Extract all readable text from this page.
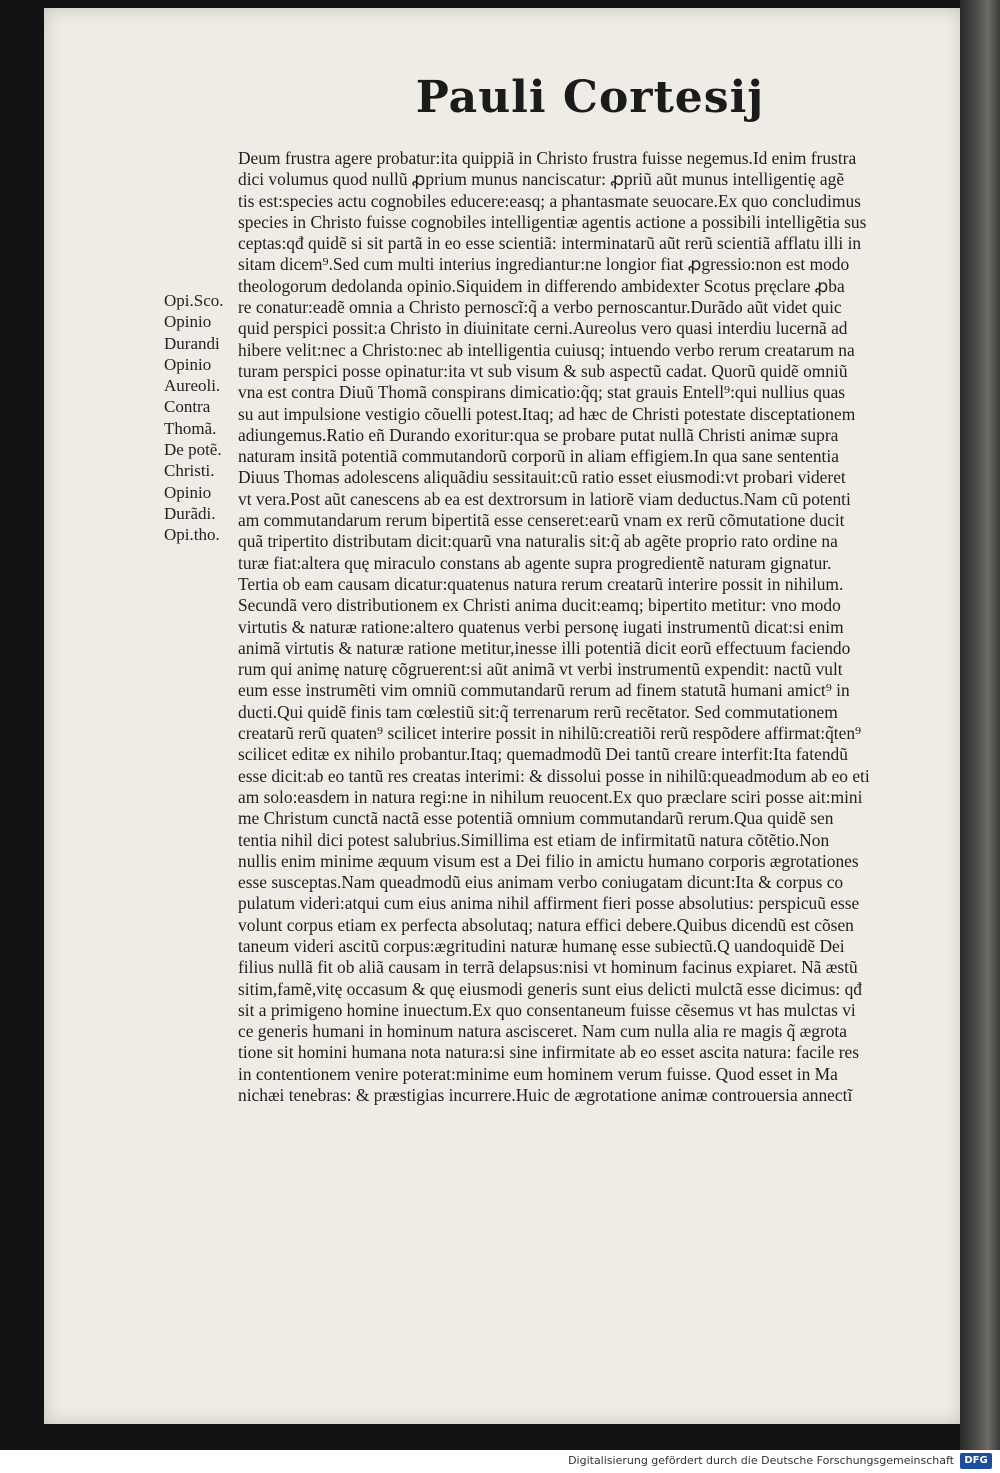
Pauli Cortesij
Opi.Sco.
Opinio
Durandi
Opinio
Aureoli.
Contra
Thomã.
De potẽ.
Christi.
Opinio
Durãdi.
Opi.tho.
Deum frustra agere probatur:ita quippiã in Christo frustra fuisse negemus.Id enim frustra
dici volumus quod nullũ ꝓprium munus nanciscatur: ꝓpriũ aũt munus intelligentię agẽ
tis est:species actu cognobiles educere:easq; a phantasmate seuocare.Ex quo concludimus
species in Christo fuisse cognobiles intelligentiæ agentis actione a possibili intelligẽtia sus
ceptas:qđ quidẽ si sit partã in eo esse scientiã: interminatarũ aũt rerũ scientiã afflatu illi in
sitam dicem⁹.Sed cum multi interius ingrediantur:ne longior fiat ꝓgressio:non est modo
theologorum dedolanda opinio.Siquidem in differendo ambidexter Scotus pręclare ꝓba
re conatur:eadẽ omnia a Christo pernoscĩ:q̃ a verbo pernoscantur.Durãdo aũt videt quic
quid perspici possit:a Christo in diuinitate cerni.Aureolus vero quasi interdiu lucernã ad
hibere velit:nec a Christo:nec ab intelligentia cuiusq; intuendo verbo rerum creatarum na
turam perspici posse opinatur:ita vt sub visum & sub aspectũ cadat. Quorũ quidẽ omniũ
vna est contra Diuũ Thomã conspirans dimicatio:q̃q; stat grauis Entell⁹:qui nullius quas
su aut impulsione vestigio cõuelli potest.Itaq; ad hæc de Christi potestate disceptationem
adiungemus.Ratio eñ Durando exoritur:qua se probare putat nullã Christi animæ supra
naturam insitã potentiã commutandorũ corporũ in aliam effigiem.In qua sane sententia
Diuus Thomas adolescens aliquãdiu sessitauit:cũ ratio esset eiusmodi:vt probari videret
vt vera.Post aũt canescens ab ea est dextrorsum in latiorẽ viam deductus.Nam cũ potenti
am commutandarum rerum bipertitã esse censeret:earũ vnam ex rerũ cõmutatione ducit
quã tripertito distributam dicit:quarũ vna naturalis sit:q̃ ab agẽte proprio rato ordine na
turæ fiat:altera quę miraculo constans ab agente supra progredientẽ naturam gignatur.
Tertia ob eam causam dicatur:quatenus natura rerum creatarũ interire possit in nihilum.
Secundã vero distributionem ex Christi anima ducit:eamq; bipertito metitur: vno modo
virtutis & naturæ ratione:altero quatenus verbi personę iugati instrumentũ dicat:si enim
animã virtutis & naturæ ratione metitur,inesse illi potentiã dicit eorũ effectuum faciendo
rum qui animę naturę cõgruerent:si aũt animã vt verbi instrumentũ expendit: nactũ vult
eum esse instrumẽti vim omniũ commutandarũ rerum ad finem statutã humani amict⁹ in
ducti.Qui quidẽ finis tam cœlestiũ sit:q̃ terrenarum rerũ recẽtator. Sed commutationem
creatarũ rerũ quaten⁹ scilicet interire possit in nihilũ:creatiõi rerũ respõdere affirmat:q̃ten⁹
scilicet editæ ex nihilo probantur.Itaq; quemadmodũ Dei tantũ creare interfit:Ita fatendũ
esse dicit:ab eo tantũ res creatas interimi: & dissolui posse in nihilũ:queadmodum ab eo eti
am solo:easdem in natura regi:ne in nihilum reuocent.Ex quo præclare sciri posse ait:mini
me Christum cunctã nactã esse potentiã omnium commutandarũ rerum.Qua quidẽ sen
tentia nihil dici potest salubrius.Simillima est etiam de infirmitatũ natura cõtẽtio.Non
nullis enim minime æquum visum est a Dei filio in amictu humano corporis ægrotationes
esse susceptas.Nam queadmodũ eius animam verbo coniugatam dicunt:Ita & corpus co
pulatum videri:atqui cum eius anima nihil affirment fieri posse absolutius: perspicuũ esse
volunt corpus etiam ex perfecta absolutaq; natura effici debere.Quibus dicendũ est cõsen
taneum videri ascitũ corpus:ægritudini naturæ humanę esse subiectũ.Q uandoquidẽ Dei
filius nullã fit ob aliã causam in terrã delapsus:nisi vt hominum facinus expiaret. Nã æstũ
sitim,famẽ,vitę occasum & quę eiusmodi generis sunt eius delicti mulctã esse dicimus: qđ
sit a primigeno homine inuectum.Ex quo consentaneum fuisse cẽsemus vt has mulctas vi
ce generis humani in hominum natura ascisceret. Nam cum nulla alia re magis q̃ ægrota
tione sit homini humana nota natura:si sine infirmitate ab eo esset ascita natura: facile res
in contentionem venire poterat:minime eum hominem verum fuisse. Quod esset in Ma
nichæi tenebras: & præstigias incurrere.Huic de ægrotatione animæ controuersia annectĩ
Digitalisierung gefördert durch die Deutsche Forschungsgemeinschaft	DFG
